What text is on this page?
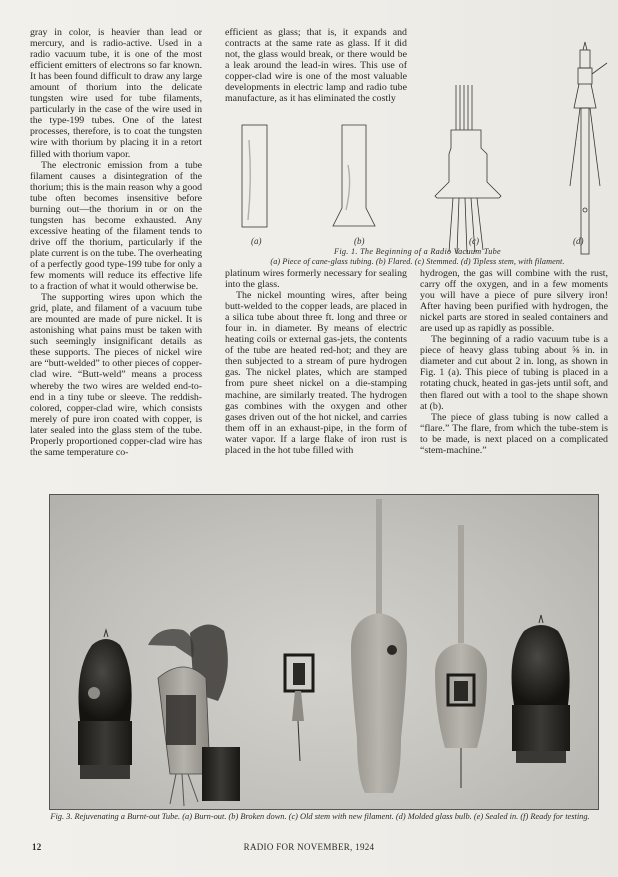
gray in color, is heavier than lead or mercury, and is radio-active. Used in a radio vacuum tube, it is one of the most efficient emitters of electrons so far known. It has been found difficult to draw any large amount of thorium into the delicate tungsten wire used for tube filaments, particularly in the case of the wire used in the type-199 tubes. One of the latest processes, therefore, is to coat the tungsten wire with thorium by placing it in a retort filled with thorium vapor.

The electronic emission from a tube filament causes a disintegration of the thorium; this is the main reason why a good tube often becomes insensitive before burning out—the thorium in or on the tungsten has become exhausted. Any excessive heating of the filament tends to drive off the thorium, particularly if the plate current is on the tube. The overheating of a perfectly good type-199 tube for only a few moments will reduce its effective life to a fraction of what it would otherwise be.

The supporting wires upon which the grid, plate, and filament of a vacuum tube are mounted are made of pure nickel. It is astonishing what pains must be taken with such seemingly insignificant details as these supports. The pieces of nickel wire are “butt-welded” to other pieces of copper-clad wire. “Butt-weld” means a process whereby the two wires are welded end-to-end in a tiny tube or sleeve. The reddish-colored, copper-clad wire, which consists merely of pure iron coated with copper, is later sealed into the glass stem of the tube. Properly proportioned copper-clad wire has the same temperature co-

efficient as glass; that is, it expands and contracts at the same rate as glass. If it did not, the glass would break, or there would be a leak around the lead-in wires. This use of copper-clad wire is one of the most valuable developments in electric lamp and radio tube manufacture, as it has eliminated the costly

(a)	(b)	(c)	(d)
Fig. 1. The Beginning of a Radio Vacuum Tube
(a) Piece of cane-glass tubing. (b) Flared. (c) Stemmed. (d) Tipless stem, with filament.

platinum wires formerly necessary for sealing into the glass.

The nickel mounting wires, after being butt-welded to the copper leads, are placed in a silica tube about three ft. long and three or four in. in diameter. By means of electric heating coils or external gas-jets, the contents of the tube are heated red-hot; and they are then subjected to a stream of pure hydrogen gas. The nickel plates, which are stamped from pure sheet nickel on a die-stamping machine, are similarly treated. The hydrogen gas combines with the oxygen and other gases driven out of the hot nickel, and carries them off in an exhaust-pipe, in the form of water vapor. If a large flake of iron rust is placed in the hot tube filled with

hydrogen, the gas will combine with the rust, carry off the oxygen, and in a few moments you will have a piece of pure silvery iron! After having been purified with hydrogen, the nickel parts are stored in sealed containers and are used up as rapidly as possible.

The beginning of a radio vacuum tube is a piece of heavy glass tubing about ⅝ in. in diameter and cut about 2 in. long, as shown in Fig. 1 (a). This piece of tubing is placed in a rotating chuck, heated in gas-jets until soft, and then flared out with a tool to the shape shown at (b).

The piece of glass tubing is now called a “flare.” The flare, from which the tube-stem is to be made, is next placed on a complicated “stem-machine.”

Fig. 3. Rejuvenating a Burnt-out Tube. (a) Burn-out. (b) Broken down. (c) Old stem with new filament. (d) Molded glass bulb. (e) Sealed in. (f) Ready for testing.
12	RADIO FOR NOVEMBER, 1924
